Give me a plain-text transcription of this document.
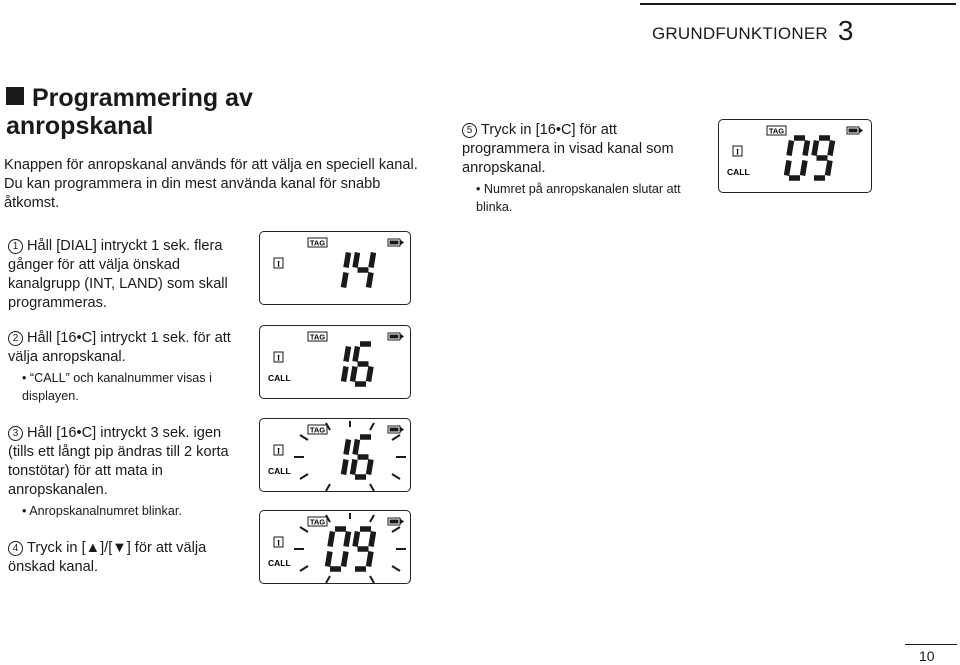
GRUNDFUNKTIONER 3
Programmering av
anropskanal
Knappen för anropskanal används för att välja en speciell kanal. Du kan programmera in din mest använda kanal för snabb åtkomst.
1 Håll [DIAL] intryckt 1 sek. flera gånger för att välja önskad kanalgrupp (INT, LAND) som skall programmeras.
2 Håll [16•C] intryckt 1 sek. för att välja anropskanal.
• “CALL” och kanalnummer visas i displayen.
3 Håll [16•C] intryckt 3 sek. igen (tills ett långt pip ändras till 2 korta tonstötar) för att mata in anropskanalen.
• Anropskanalnumret blinkar.
4 Tryck in [▲]/[▼] för att välja önskad kanal.
5 Tryck in [16•C] för att programmera in visad kanal som anropskanal.
• Numret på anropskanalen slutar att blinka.
TAG
I
TAG
I
CALL
TAG
I
CALL
TAG
I
CALL
TAG
I
CALL
10
